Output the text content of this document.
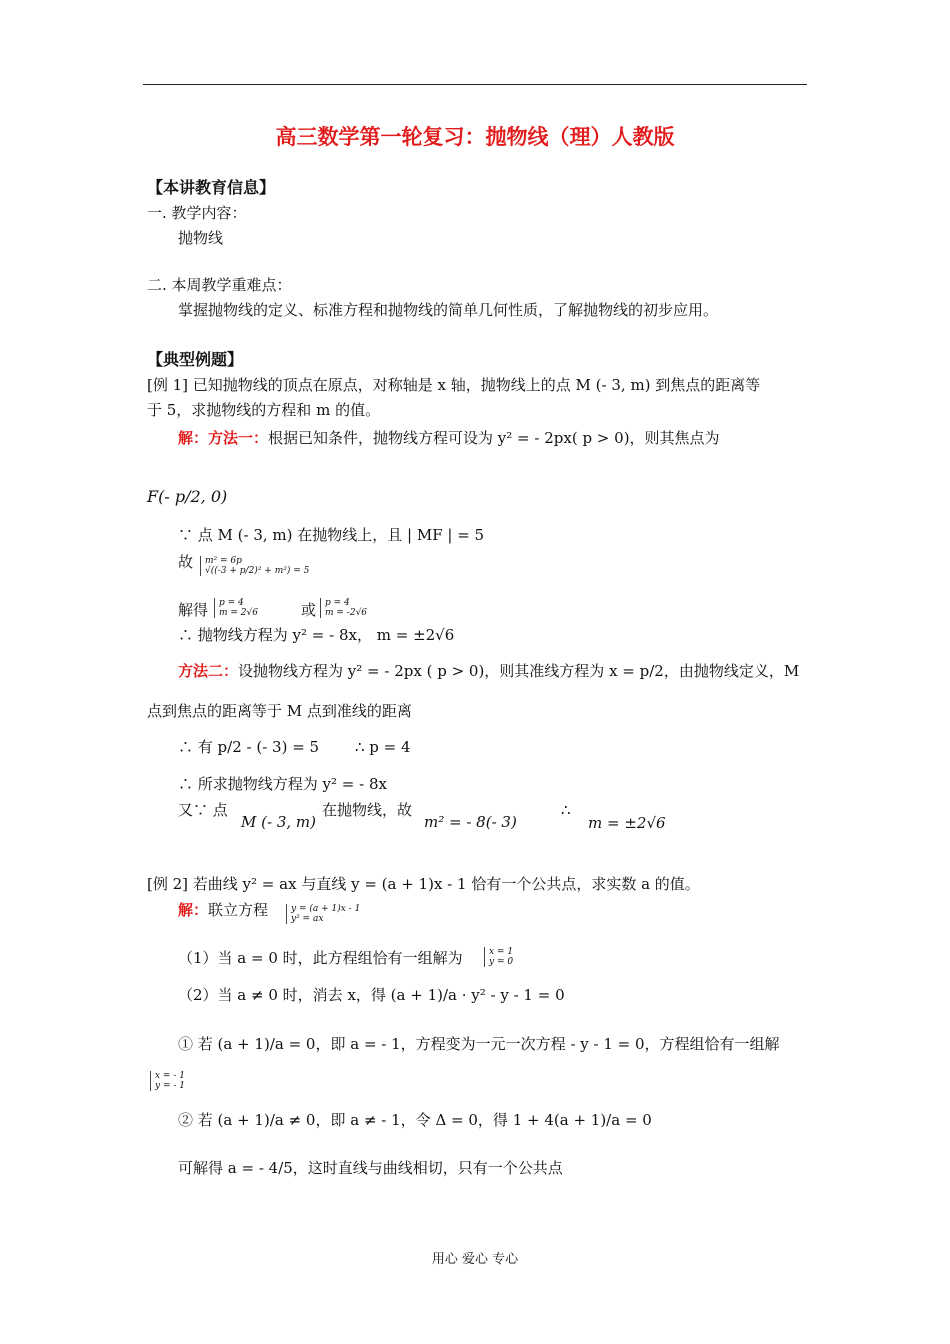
高三数学第一轮复习：抛物线（理）人教版
【本讲教育信息】
一. 教学内容：
抛物线
二. 本周教学重难点：
掌握抛物线的定义、标准方程和抛物线的简单几何性质，了解抛物线的初步应用。
【典型例题】
[例 1] 已知抛物线的顶点在原点，对称轴是 x 轴，抛物线上的点 M (- 3, m) 到焦点的距离等
于 5，求抛物线的方程和 m 的值。
解：方法一：根据已知条件，抛物线方程可设为 y² = - 2px( p > 0)，则其焦点为
F(- p/2, 0)
∵ 点 M (- 3, m) 在抛物线上，且 | MF | = 5
故 m² = 6p
√((-3 + p/2)² + m²) = 5
解得 p = 4
m = 2√6	或 p = 4
m = -2√6
∴ 抛物线方程为 y² = - 8x， m = ±2√6
方法二：设抛物线方程为 y² = - 2px ( p > 0)，则其准线方程为 x = p/2，由抛物线定义，M
点到焦点的距离等于 M 点到准线的距离
∴ 有 p/2 - (- 3) = 5 ∴ p = 4
∴ 所求抛物线方程为 y² = - 8x
又∵ 点
M (- 3, m)
在抛物线，故
m² = - 8(- 3)
∴
m = ±2√6
[例 2] 若曲线 y² = ax 与直线 y = (a + 1)x - 1 恰有一个公共点，求实数 a 的值。
解：联立方程	y = (a + 1)x - 1
y² = ax
（1）当 a = 0 时，此方程组恰有一组解为	x = 1
y = 0
（2）当 a ≠ 0 时，消去 x，得 (a + 1)/a · y² - y - 1 = 0
① 若 (a + 1)/a = 0，即 a = - 1，方程变为一元一次方程 - y - 1 = 0，方程组恰有一组解
x = - 1
y = - 1
② 若 (a + 1)/a ≠ 0，即 a ≠ - 1，令 Δ = 0，得 1 + 4(a + 1)/a = 0
可解得 a = - 4/5，这时直线与曲线相切，只有一个公共点
用心 爱心 专心
